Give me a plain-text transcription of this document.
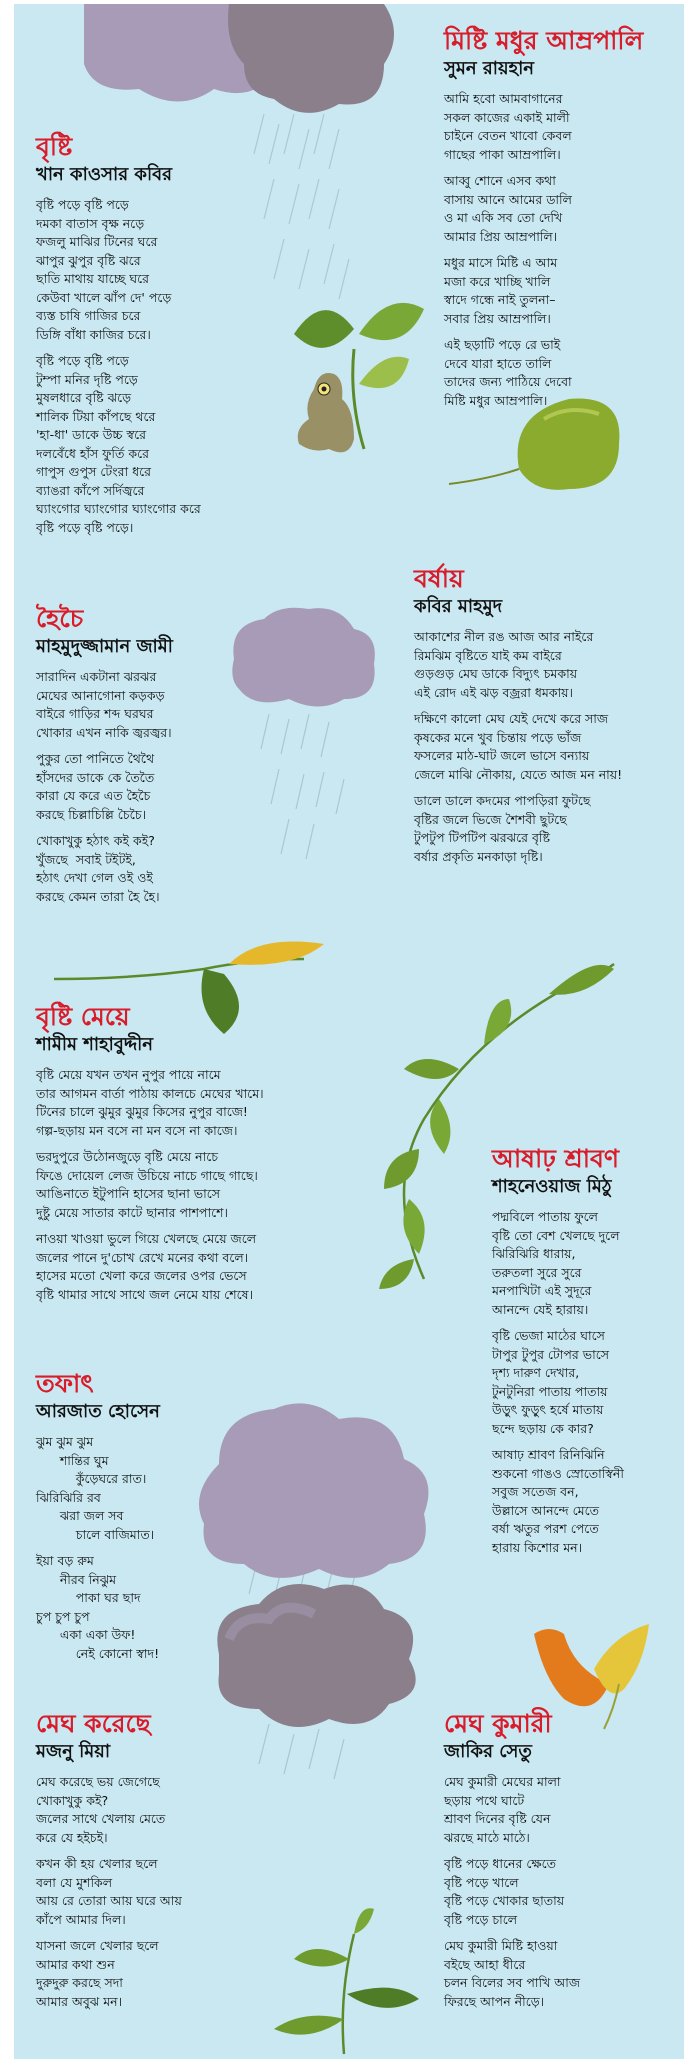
মিষ্টি মধুর আম্রপালি
সুমন রায়হান
আমি হবো আমবাগানের
সকল কাজের একাই মালী
চাইনে বেতন খাবো কেবল
গাছের পাকা আম্রপালি।
আব্বু শোনে এসব কথা
বাসায় আনে আমের ডালি
ও মা একি সব তো দেখি
আমার প্রিয় আম্রপালি।
মধুর মাসে মিষ্টি এ আম
মজা করে খাচ্ছি খালি
স্বাদে গন্ধে নাই তুলনা–
সবার প্রিয় আম্রপালি।
এই ছড়াটি পড়ে রে ভাই
দেবে যারা হাতে তালি
তাদের জন্য পাঠিয়ে দেবো
মিষ্টি মধুর আম্রপালি।
বৃষ্টি
খান কাওসার কবির
বৃষ্টি পড়ে বৃষ্টি পড়ে
দমকা বাতাস বৃক্ষ নড়ে
ফজলু মাঝির টিনের ঘরে
ঝাপুর ঝুপুর বৃষ্টি ঝরে
ছাতি মাথায় যাচ্ছে ঘরে
কেউবা খালে ঝাঁপ দে' পড়ে
ব্যস্ত চাষি গাজির চরে
ডিঙ্গি বাঁধা কাজির চরে।
বৃষ্টি পড়ে বৃষ্টি পড়ে
টুম্পা মনির দৃষ্টি পড়ে
মুষলধারে বৃষ্টি ঝড়ে
শালিক টিয়া কাঁপছে থরে
'হা-ধা' ডাকে উচ্চ স্বরে
দলবেঁধে হাঁস ফুর্তি করে
গাপুস গুপুস টেংরা ধরে
ব্যাঙরা কাঁপে সর্দিজ্বরে
ঘ্যাংগোর ঘ্যাংগোর ঘ্যাংগোর করে
বৃষ্টি পড়ে বৃষ্টি পড়ে।
বর্ষায়
কবির মাহমুদ
আকাশের নীল রঙ আজ আর নাইরে
রিমঝিম বৃষ্টিতে যাই কম বাইরে
গুড়গুড় মেঘ ডাকে বিদ্যুৎ চমকায়
এই রোদ এই ঝড় বজ্ররা ধমকায়।
দক্ষিণে কালো মেঘ যেই দেখে করে সাজ
কৃষকের মনে খুব চিন্তায় পড়ে ভাঁজ
ফসলের মাঠ-ঘাট জলে ভাসে বন্যায়
জেলে মাঝি নৌকায়, যেতে আজ মন নায়!
ডালে ডালে কদমের পাপড়িরা ফুটছে
বৃষ্টির জলে ভিজে শৈশবী ছুটছে
টুপটুপ টিপটিপ ঝরঝরে বৃষ্টি
বর্ষার প্রকৃতি মনকাড়া দৃষ্টি।
হৈচৈ
মাহমুদুজ্জামান জামী
সারাদিন একটানা ঝরঝর
মেঘের আনাগোনা কড়কড়
বাইরে গাড়ির শব্দ ঘরঘর
খোকার এখন নাকি জ্বরজ্বর।
পুকুর তো পানিতে থৈথৈ
হাঁসদের ডাকে কে তৈতৈ
কারা যে করে এত হৈচৈ
করছে চিল্লাচিল্লি চৈচৈ।
খোকাখুকু হঠাৎ কই কই?
খুঁজছে  সবাই টইটই,
হঠাৎ দেখা গেল ওই ওই
করছে কেমন তারা হৈ হৈ।
বৃষ্টি মেয়ে
শামীম শাহাবুদ্দীন
বৃষ্টি মেয়ে যখন তখন নুপুর পায়ে নামে
তার আগমন বার্তা পাঠায় কালচে মেঘের খামে।
টিনের চালে ঝুমুর ঝুমুর কিসের নুপুর বাজে!
গল্প-ছড়ায় মন বসে না মন বসে না কাজে।
ভরদুপুরে উঠোনজুড়ে বৃষ্টি মেয়ে নাচে
ফিঙে দোয়েল লেজ উচিয়ে নাচে গাছে গাছে।
আঙিনাতে ইটুপানি হাসের ছানা ভাসে
দুষ্টু মেয়ে সাতার কাটে ছানার পাশপাশে।
নাওয়া খাওয়া ভুলে গিয়ে খেলছে মেয়ে জলে
জলের পানে দু'চোখ রেখে মনের কথা বলে।
হাসের মতো খেলা করে জলের ওপর ভেসে
বৃষ্টি থামার সাথে সাথে জল নেমে যায় শেষে।
আষাঢ় শ্রাবণ
শাহনেওয়াজ মিঠু
পদ্মবিলে পাতায় ফুলে
বৃষ্টি তো বেশ খেলছে দুলে
ঝিরিঝিরি ধারায়,
তরুতলা সুরে সুরে
মনপাখিটা এই সুদূরে
আনন্দে যেই হারায়।
বৃষ্টি ভেজা মাঠের ঘাসে
টাপুর টুপুর টোপর ভাসে
দৃশ্য দারুণ দেখার,
টুনটুনিরা পাতায় পাতায়
উড়ুৎ ফুড়ুৎ হর্ষে মাতায়
ছন্দে ছড়ায় কে কার?
আষাঢ় শ্রাবণ রিনিঝিনি
শুকনো গাঙও স্রোতোস্বিনী
সবুজ সতেজ বন,
উল্লাসে আনন্দে মেতে
বর্ষা ঋতুর পরশ পেতে
হারায় কিশোর মন।
তফাৎ
আরজাত হোসেন
ঝুম ঝুম ঝুম
শান্তির ঘুম
কুঁড়েঘরে রাত।
ঝিরিঝিরি রব
ঝরা জল সব
চালে বাজিমাত।
ইয়া বড় রুম
নীরব নিঝুম
পাকা ঘর ছাদ
চুপ চুপ চুপ
একা একা উফ!
নেই কোনো স্বাদ!
মেঘ করেছে
মজনু মিয়া
মেঘ করেছে ভয় জেগেছে
খোকাখুকু কই?
জলের সাথে খেলায় মেতে
করে যে হইচই।
কখন কী হয় খেলার ছলে
বলা যে মুশকিল
আয় রে তোরা আয় ঘরে আয়
কাঁপে আমার দিল।
যাসনা জলে খেলার ছলে
আমার কথা শুন
দুরুদুরু করছে সদা
আমার অবুঝ মন।
মেঘ কুমারী
জাকির সেতু
মেঘ কুমারী মেঘের মালা
ছড়ায় পথে ঘাটে
শ্রাবণ দিনের বৃষ্টি যেন
ঝরছে মাঠে মাঠে।
বৃষ্টি পড়ে ধানের ক্ষেতে
বৃষ্টি পড়ে খালে
বৃষ্টি পড়ে খোকার ছাতায়
বৃষ্টি পড়ে চালে
মেঘ কুমারী মিষ্টি হাওয়া
বইছে আহা ধীরে
চলন বিলের সব পাখি আজ
ফিরছে আপন নীড়ে।
